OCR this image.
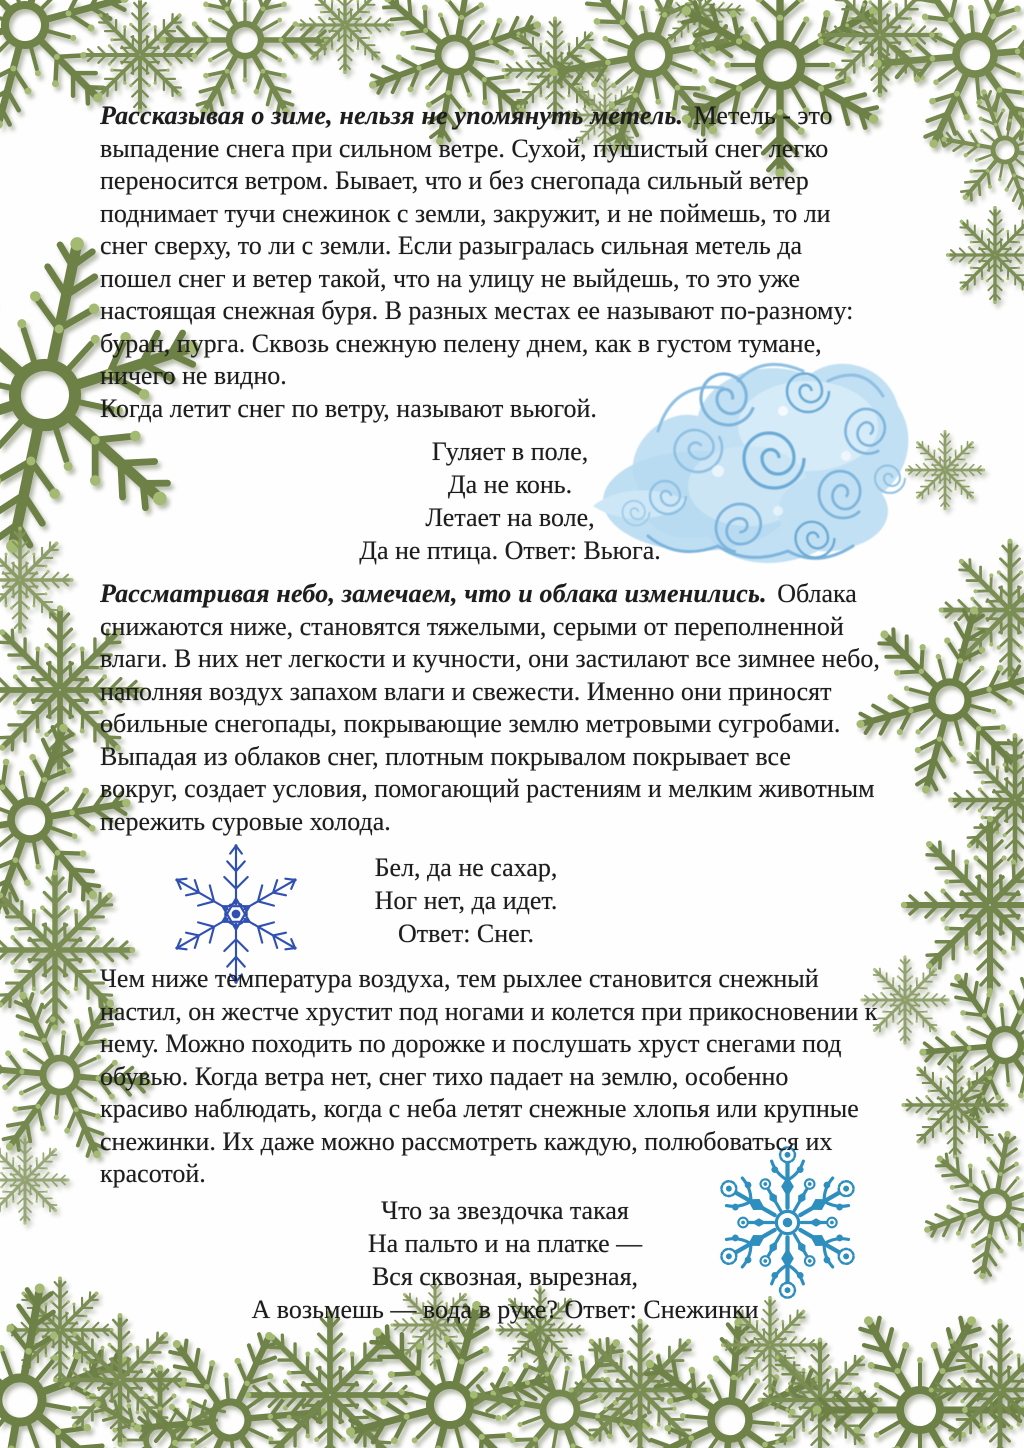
Рассказывая о зиме, нельзя не упомянуть метель. Метель - это
выпадение снега при сильном ветре. Сухой, пушистый снег легко
переносится ветром. Бывает, что и без снегопада сильный ветер
поднимает тучи снежинок с земли, закружит, и не поймешь, то ли
снег сверху, то ли с земли. Если разыгралась сильная метель да
пошел снег и ветер такой, что на улицу не выйдешь, то это уже
настоящая снежная буря. В разных местах ее называют по-разному:
буран, пурга. Сквозь снежную пелену днем, как в густом тумане,
ничего не видно.
Когда летит снег по ветру, называют вьюгой.
Гуляет в поле,
Да не конь.
Летает на воле,
Да не птица. Ответ: Вьюга.
Рассматривая небо, замечаем, что и облака изменились. Облака
снижаются ниже, становятся тяжелыми, серыми от переполненной
влаги. В них нет легкости и кучности, они застилают все зимнее небо,
наполняя воздух запахом влаги и свежести. Именно они приносят
обильные снегопады, покрывающие землю метровыми сугробами.
Выпадая из облаков снег, плотным покрывалом покрывает все
вокруг, создает условия, помогающий растениям и мелким животным
пережить суровые холода.
Бел, да не сахар,
Ног нет, да идет.
Ответ: Снег.
Чем ниже температура воздуха, тем рыхлее становится снежный
настил, он жестче хрустит под ногами и колется при прикосновении к
нему. Можно походить по дорожке и послушать хруст снегами под
обувью. Когда ветра нет, снег тихо падает на землю, особенно
красиво наблюдать, когда с неба летят снежные хлопья или крупные
снежинки. Их даже можно рассмотреть каждую, полюбоваться их
красотой.
Что за звездочка такая
На пальто и на платке —
Вся сквозная, вырезная,
А возьмешь — вода в руке? Ответ: Снежинки
